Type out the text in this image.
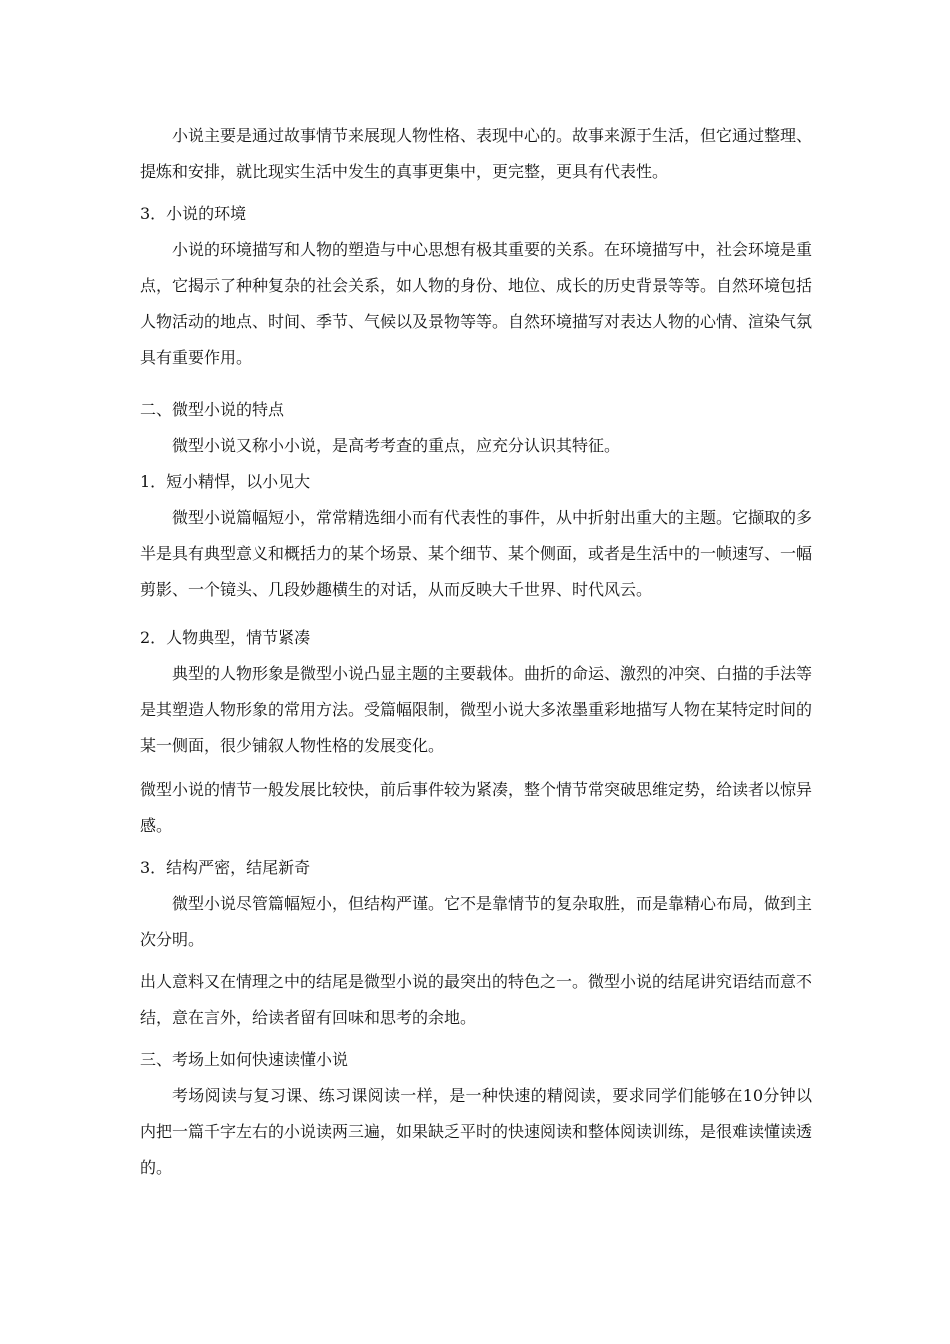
小说主要是通过故事情节来展现人物性格、表现中心的。故事来源于生活，但它通过整理、提炼和安排，就比现实生活中发生的真事更集中，更完整，更具有代表性。

3．小说的环境

小说的环境描写和人物的塑造与中心思想有极其重要的关系。在环境描写中，社会环境是重点，它揭示了种种复杂的社会关系，如人物的身份、地位、成长的历史背景等等。自然环境包括人物活动的地点、时间、季节、气候以及景物等等。自然环境描写对表达人物的心情、渲染气氛具有重要作用。

二、微型小说的特点

微型小说又称小小说，是高考考查的重点，应充分认识其特征。

1．短小精悍，以小见大

微型小说篇幅短小，常常精选细小而有代表性的事件，从中折射出重大的主题。它撷取的多半是具有典型意义和概括力的某个场景、某个细节、某个侧面，或者是生活中的一帧速写、一幅剪影、一个镜头、几段妙趣横生的对话，从而反映大千世界、时代风云。

2．人物典型，情节紧凑

典型的人物形象是微型小说凸显主题的主要载体。曲折的命运、激烈的冲突、白描的手法等是其塑造人物形象的常用方法。受篇幅限制，微型小说大多浓墨重彩地描写人物在某特定时间的某一侧面，很少铺叙人物性格的发展变化。

微型小说的情节一般发展比较快，前后事件较为紧凑，整个情节常突破思维定势，给读者以惊异感。

3．结构严密，结尾新奇

微型小说尽管篇幅短小，但结构严谨。它不是靠情节的复杂取胜，而是靠精心布局，做到主次分明。

出人意料又在情理之中的结尾是微型小说的最突出的特色之一。微型小说的结尾讲究语结而意不结，意在言外，给读者留有回味和思考的余地。

三、考场上如何快速读懂小说

考场阅读与复习课、练习课阅读一样，是一种快速的精阅读，要求同学们能够在10分钟以内把一篇千字左右的小说读两三遍，如果缺乏平时的快速阅读和整体阅读训练，是很难读懂读透的。
